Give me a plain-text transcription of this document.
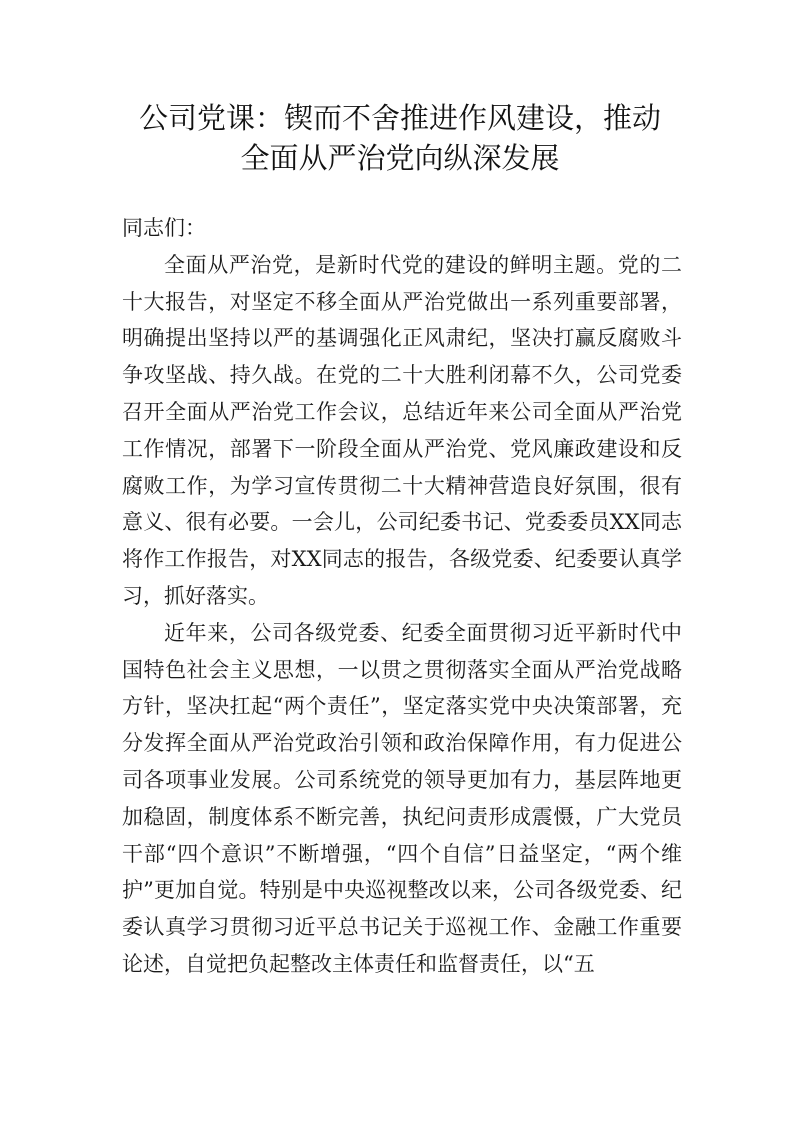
公司党课：锲而不舍推进作风建设，推动
全面从严治党向纵深发展

同志们：

全面从严治党，是新时代党的建设的鲜明主题。党的二十大报告，对坚定不移全面从严治党做出一系列重要部署，明确提出坚持以严的基调强化正风肃纪，坚决打赢反腐败斗争攻坚战、持久战。在党的二十大胜利闭幕不久，公司党委召开全面从严治党工作会议，总结近年来公司全面从严治党工作情况，部署下一阶段全面从严治党、党风廉政建设和反腐败工作，为学习宣传贯彻二十大精神营造良好氛围，很有意义、很有必要。一会儿，公司纪委书记、党委委员XX同志将作工作报告，对XX同志的报告，各级党委、纪委要认真学习，抓好落实。

近年来，公司各级党委、纪委全面贯彻习近平新时代中国特色社会主义思想，一以贯之贯彻落实全面从严治党战略方针，坚决扛起“两个责任”，坚定落实党中央决策部署，充分发挥全面从严治党政治引领和政治保障作用，有力促进公司各项事业发展。公司系统党的领导更加有力，基层阵地更加稳固，制度体系不断完善，执纪问责形成震慑，广大党员干部“四个意识”不断增强，“四个自信”日益坚定，“两个维护”更加自觉。特别是中央巡视整改以来，公司各级党委、纪委认真学习贯彻习近平总书记关于巡视工作、金融工作重要论述，自觉把负起整改主体责任和监督责任，以“五
